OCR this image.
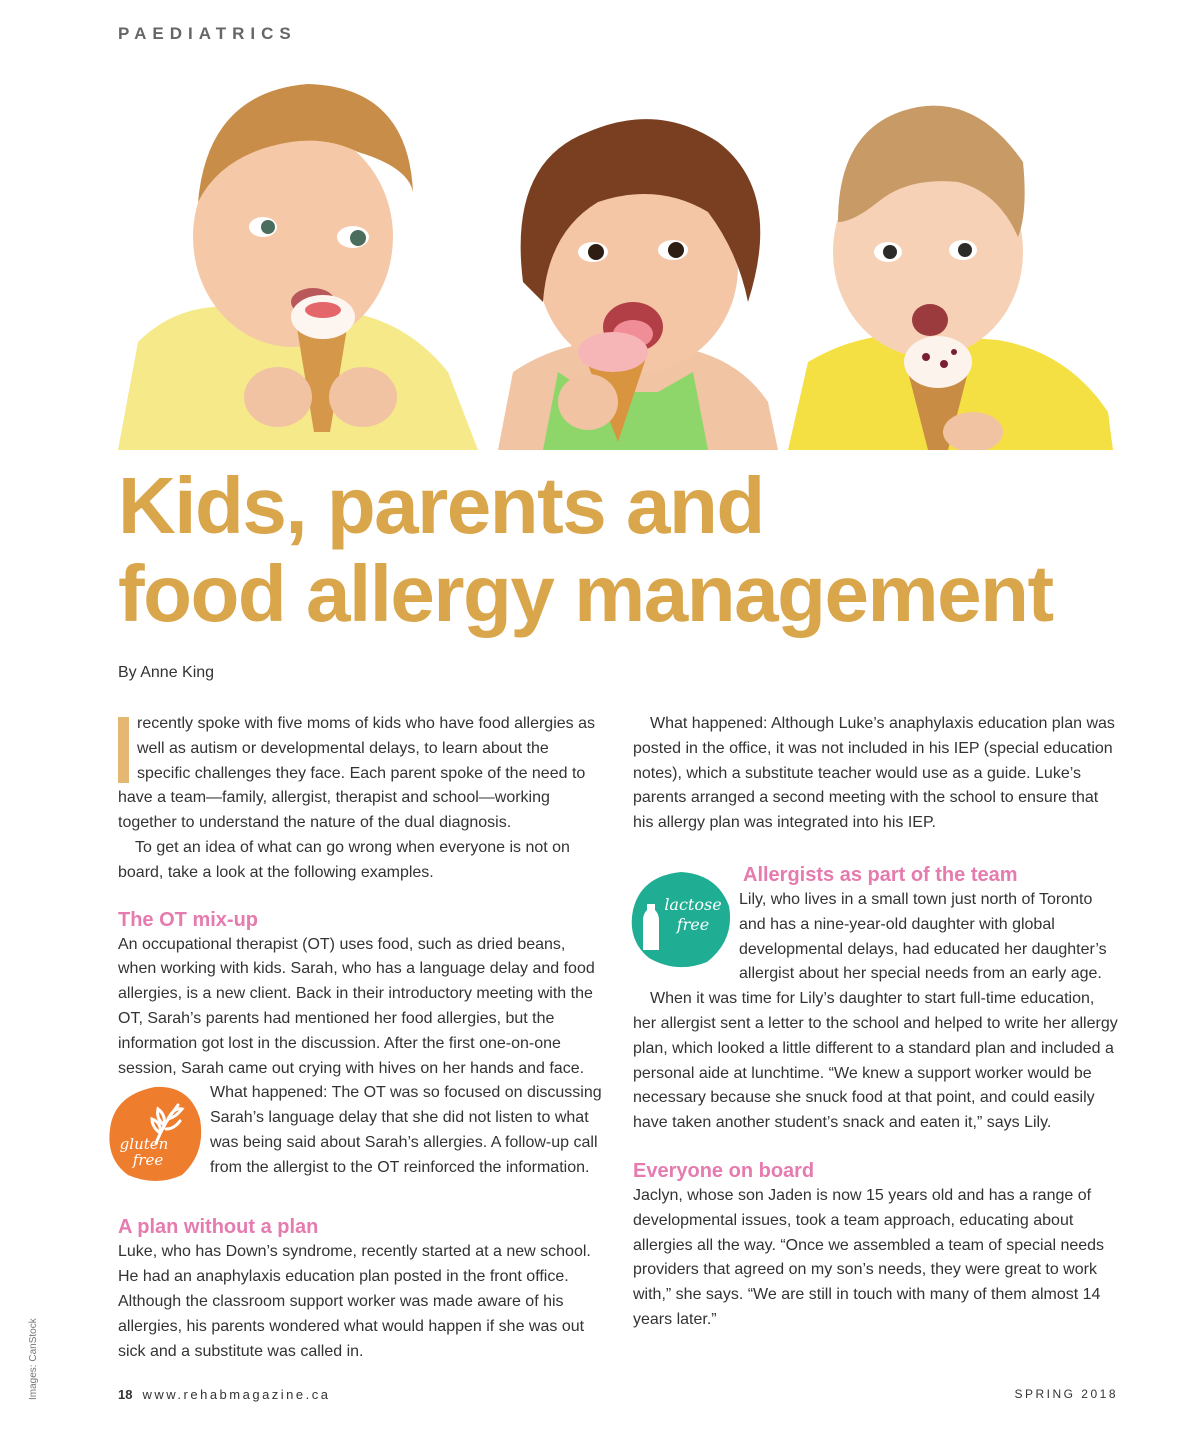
PAEDIATRICS
Kids, parents and
food allergy management
By Anne King

recently spoke with five moms of kids who have food allergies as well as autism or developmental delays, to learn about the specific challenges they face. Each parent spoke of the need to have a team—family, allergist, therapist and school—working together to understand the nature of the dual diagnosis.

To get an idea of what can go wrong when everyone is not on board, take a look at the following examples.

The OT mix-up

An occupational therapist (OT) uses food, such as dried beans, when working with kids. Sarah, who has a language delay and food allergies, is a new client. Back in their introductory meeting with the OT, Sarah’s parents had mentioned her food allergies, but the information got lost in the discussion. After the first one-on-one session, Sarah came out crying with hives on her hands and face.

gluten
free
What happened: The OT was so focused on discussing Sarah’s language delay that she did not listen to what was being said about Sarah’s allergies. A follow-up call from the allergist to the OT reinforced the information.

A plan without a plan

Luke, who has Down’s syndrome, recently started at a new school. He had an anaphylaxis education plan posted in the front office. Although the classroom support worker was made aware of his allergies, his parents wondered what would happen if she was out sick and a substitute was called in.

What happened: Although Luke’s anaphylaxis education plan was posted in the office, it was not included in his IEP (special education notes), which a substitute teacher would use as a guide. Luke’s parents arranged a second meeting with the school to ensure that his allergy plan was integrated into his IEP.

Allergists as part of the team

lactose
free
Lily, who lives in a small town just north of Toronto and has a nine-year-old daughter with global developmental delays, had educated her daughter’s allergist about her special needs from an early age.

When it was time for Lily’s daughter to start full-time education, her allergist sent a letter to the school and helped to write her allergy plan, which looked a little different to a standard plan and included a personal aide at lunchtime. “We knew a support worker would be necessary because she snuck food at that point, and could easily have taken another student’s snack and eaten it,” says Lily.

Everyone on board

Jaclyn, whose son Jaden is now 15 years old and has a range of developmental issues, took a team approach, educating about allergies all the way. “Once we assembled a team of special needs providers that agreed on my son’s needs, they were great to work with,” she says. “We are still in touch with many of them almost 14 years later.”

Images: CanStock	18 www.rehabmagazine.ca	SPRING 2018
